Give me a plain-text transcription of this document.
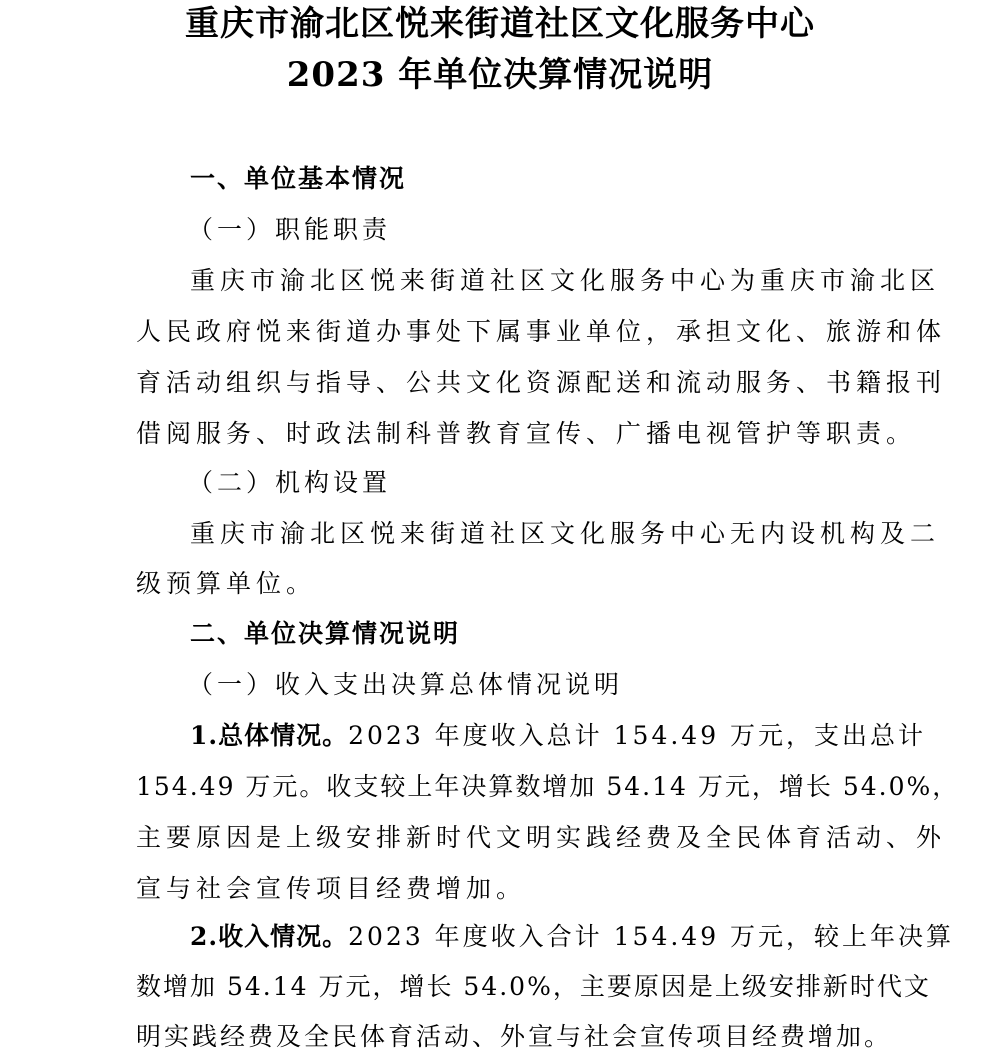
重庆市渝北区悦来街道社区文化服务中心
2023 年单位决算情况说明
一、单位基本情况
（一）职能职责
重庆市渝北区悦来街道社区文化服务中心为重庆市渝北区
人民政府悦来街道办事处下属事业单位，承担文化、旅游和体
育活动组织与指导、公共文化资源配送和流动服务、书籍报刊
借阅服务、时政法制科普教育宣传、广播电视管护等职责。
（二）机构设置
重庆市渝北区悦来街道社区文化服务中心无内设机构及二
级预算单位。
二、单位决算情况说明
（一）收入支出决算总体情况说明
1.总体情况。2023 年度收入总计 154.49 万元，支出总计
154.49 万元。收支较上年决算数增加 54.14 万元，增长 54.0%，
主要原因是上级安排新时代文明实践经费及全民体育活动、外
宣与社会宣传项目经费增加。
2.收入情况。2023 年度收入合计 154.49 万元，较上年决算
数增加 54.14 万元，增长 54.0%，主要原因是上级安排新时代文
明实践经费及全民体育活动、外宣与社会宣传项目经费增加。
